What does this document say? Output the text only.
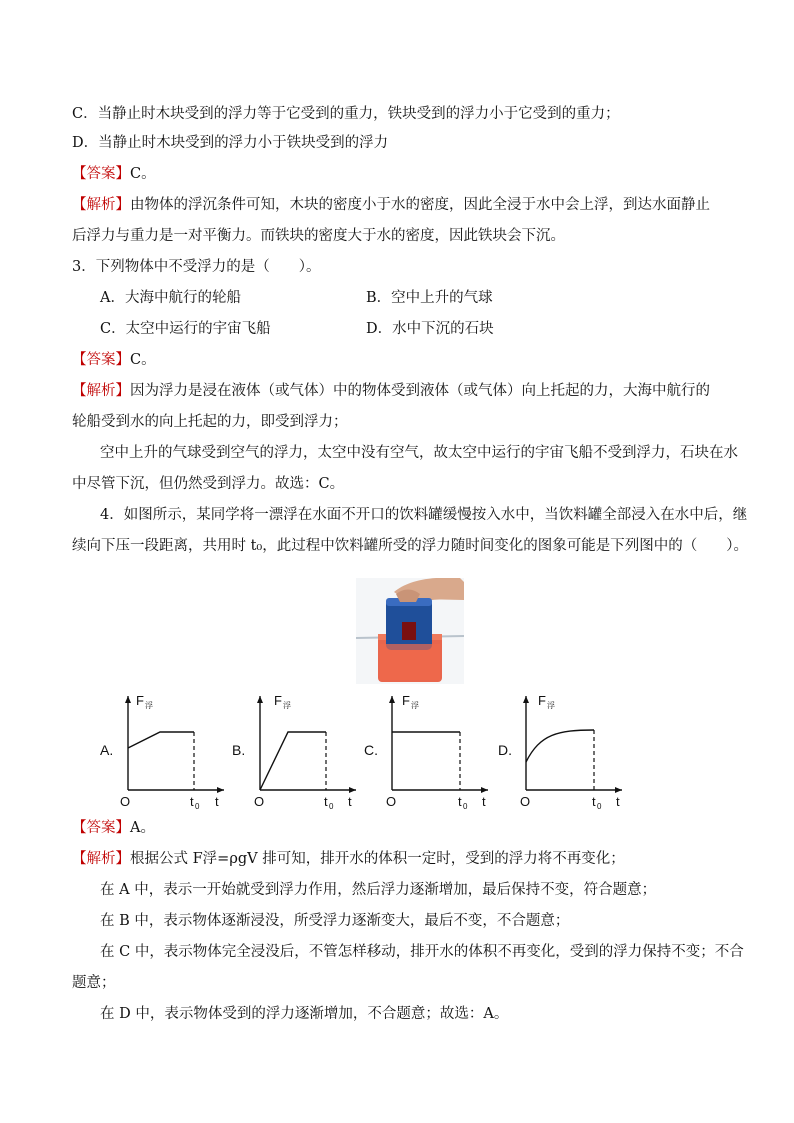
C．当静止时木块受到的浮力等于它受到的重力，铁块受到的浮力小于它受到的重力；
D．当静止时木块受到的浮力小于铁块受到的浮力
【答案】C。
【解析】由物体的浮沉条件可知，木块的密度小于水的密度，因此全浸于水中会上浮，到达水面静止
后浮力与重力是一对平衡力。而铁块的密度大于水的密度，因此铁块会下沉。
3．下列物体中不受浮力的是（　　）。
A．大海中航行的轮船	B．空中上升的气球
C．太空中运行的宇宙飞船	D．水中下沉的石块
【答案】C。
【解析】因为浮力是浸在液体（或气体）中的物体受到液体（或气体）向上托起的力，大海中航行的
轮船受到水的向上托起的力，即受到浮力；
空中上升的气球受到空气的浮力，太空中没有空气，故太空中运行的宇宙飞船不受到浮力，石块在水
中尽管下沉，但仍然受到浮力。故选：C。
4．如图所示，某同学将一漂浮在水面不开口的饮料罐缓慢按入水中，当饮料罐全部浸入在水中后，继
续向下压一段距离，共用时 t₀，此过程中饮料罐所受的浮力随时间变化的图象可能是下列图中的（　　）。
A.	B.	C.	D.
F 浮
O	t 0 t
F 浮
O	t 0 t
F 浮
O	t 0 t
F 浮
O	t 0 t
【答案】A。
【解析】根据公式 F浮=ρgV 排可知，排开水的体积一定时，受到的浮力将不再变化；
在 A 中，表示一开始就受到浮力作用，然后浮力逐渐增加，最后保持不变，符合题意；
在 B 中，表示物体逐渐浸没，所受浮力逐渐变大，最后不变，不合题意；
在 C 中，表示物体完全浸没后，不管怎样移动，排开水的体积不再变化，受到的浮力保持不变；不合
题意；
在 D 中，表示物体受到的浮力逐渐增加，不合题意；故选：A。
